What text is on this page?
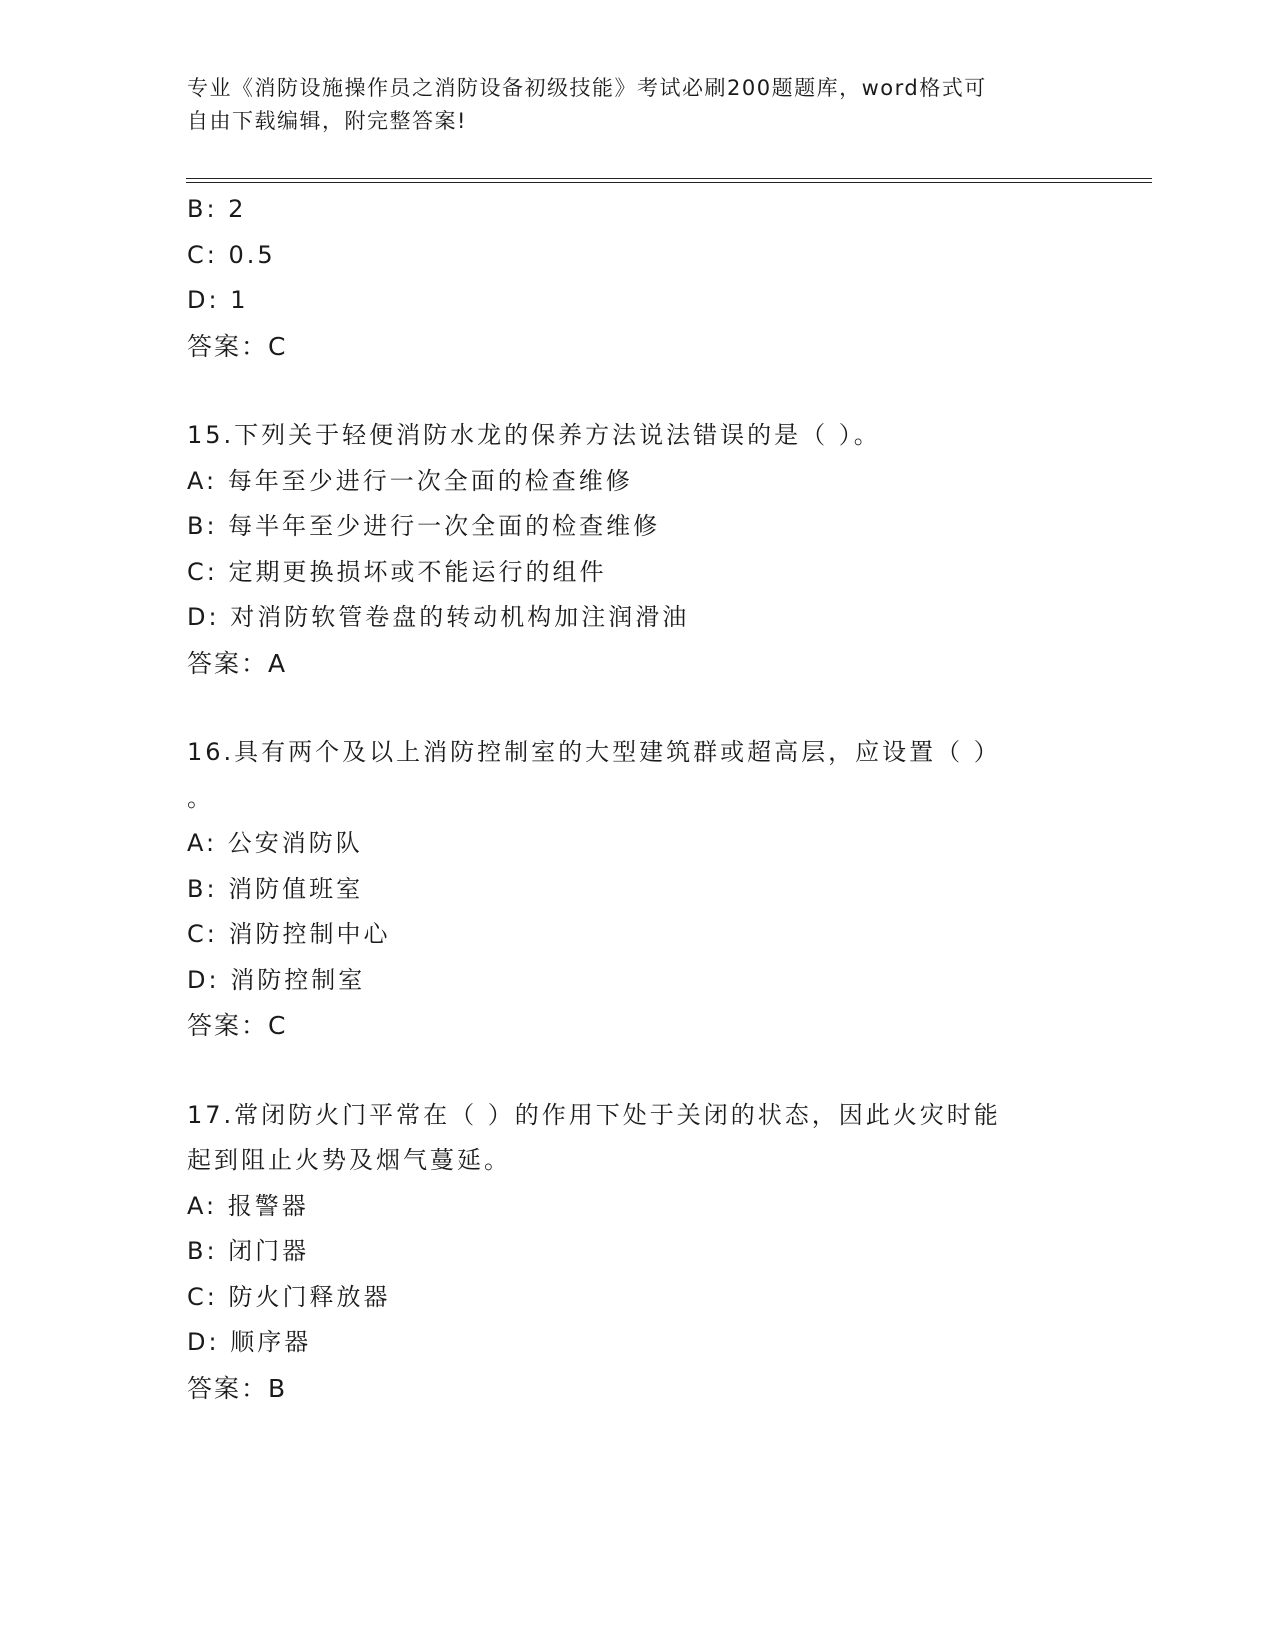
专业《消防设施操作员之消防设备初级技能》考试必刷200题题库，word格式可
自由下载编辑，附完整答案!
B: 2
C: 0.5
D: 1
答案：C
15.下列关于轻便消防水龙的保养方法说法错误的是（ ）。
A: 每年至少进行一次全面的检查维修
B: 每半年至少进行一次全面的检查维修
C: 定期更换损坏或不能运行的组件
D: 对消防软管卷盘的转动机构加注润滑油
答案：A
16.具有两个及以上消防控制室的大型建筑群或超高层，应设置（ ）
。
A: 公安消防队
B: 消防值班室
C: 消防控制中心
D: 消防控制室
答案：C
17.常闭防火门平常在（ ）的作用下处于关闭的状态，因此火灾时能
起到阻止火势及烟气蔓延。
A: 报警器
B: 闭门器
C: 防火门释放器
D: 顺序器
答案：B
